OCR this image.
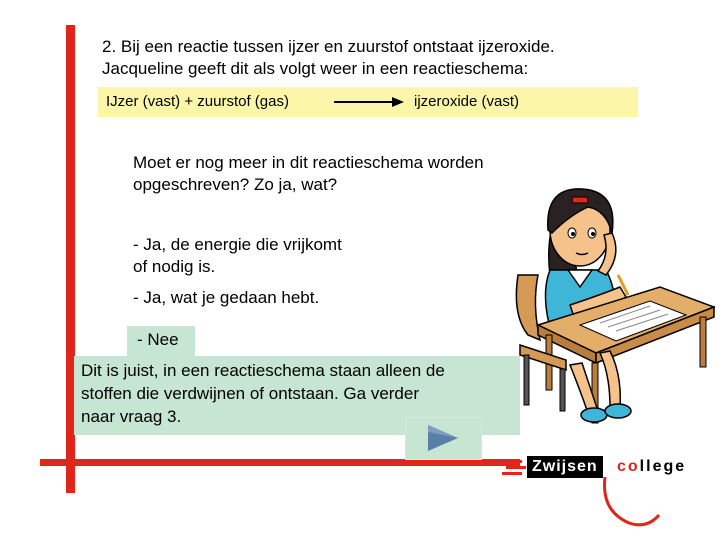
2. Bij een reactie tussen ijzer en zuurstof ontstaat ijzeroxide.
Jacqueline geeft dit als volgt weer in een reactieschema:
IJzer (vast) + zuurstof (gas)	ijzeroxide (vast)
Moet er nog meer in dit reactieschema worden
opgeschreven? Zo ja, wat?
- Ja, de energie die vrijkomt
of nodig is.
- Ja, wat je gedaan hebt.
- Nee
Dit is juist, in een reactieschema staan alleen de
stoffen die verdwijnen of ontstaan. Ga verder
naar vraag 3.
Zwijsen	college
